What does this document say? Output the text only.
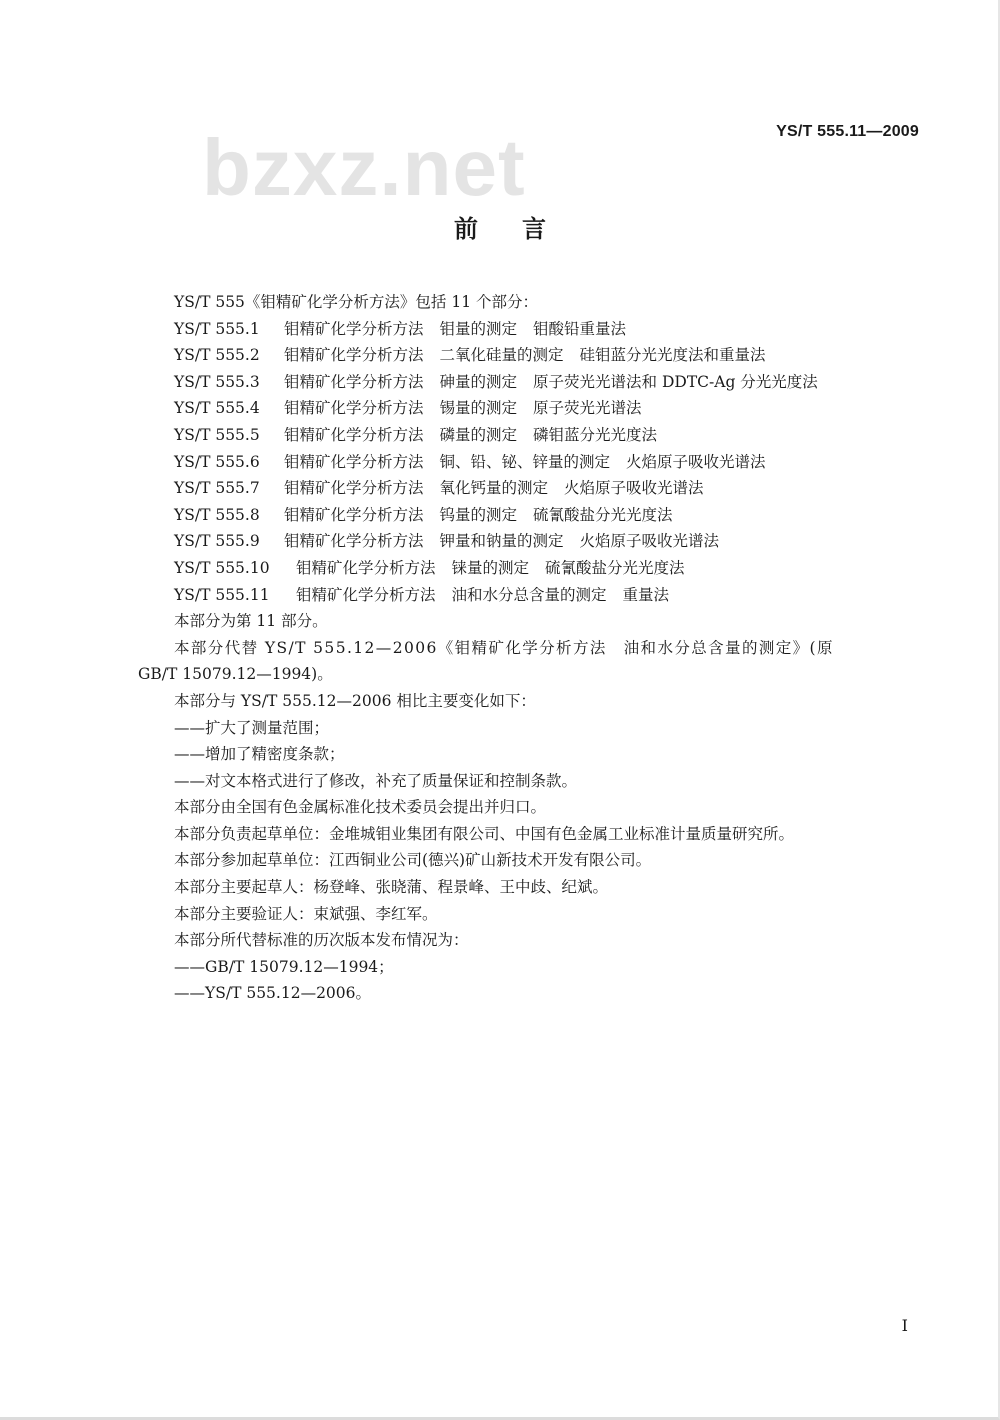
bzxz.net	YS/T 555.11—2009
前言
YS/T 555《钼精矿化学分析方法》包括 11 个部分：
YS/T 555.1 钼精矿化学分析方法 钼量的测定 钼酸铅重量法
YS/T 555.2 钼精矿化学分析方法 二氧化硅量的测定 硅钼蓝分光光度法和重量法
YS/T 555.3 钼精矿化学分析方法 砷量的测定 原子荧光光谱法和 DDTC-Ag 分光光度法
YS/T 555.4 钼精矿化学分析方法 锡量的测定 原子荧光光谱法
YS/T 555.5 钼精矿化学分析方法 磷量的测定 磷钼蓝分光光度法
YS/T 555.6 钼精矿化学分析方法 铜、铅、铋、锌量的测定 火焰原子吸收光谱法
YS/T 555.7 钼精矿化学分析方法 氧化钙量的测定 火焰原子吸收光谱法
YS/T 555.8 钼精矿化学分析方法 钨量的测定 硫氰酸盐分光光度法
YS/T 555.9 钼精矿化学分析方法 钾量和钠量的测定 火焰原子吸收光谱法
YS/T 555.10 钼精矿化学分析方法 铼量的测定 硫氰酸盐分光光度法
YS/T 555.11 钼精矿化学分析方法 油和水分总含量的测定 重量法
本部分为第 11 部分。
本部分代替 YS/T 555.12—2006《钼精矿化学分析方法　油和水分总含量的测定》(原
GB/T 15079.12—1994)。
本部分与 YS/T 555.12—2006 相比主要变化如下：
——扩大了测量范围；
——增加了精密度条款；
——对文本格式进行了修改，补充了质量保证和控制条款。
本部分由全国有色金属标准化技术委员会提出并归口。
本部分负责起草单位：金堆城钼业集团有限公司、中国有色金属工业标准计量质量研究所。
本部分参加起草单位：江西铜业公司(德兴)矿山新技术开发有限公司。
本部分主要起草人：杨登峰、张晓蒲、程景峰、王中歧、纪斌。
本部分主要验证人：束斌强、李红军。
本部分所代替标准的历次版本发布情况为：
——GB/T 15079.12—1994；
——YS/T 555.12—2006。
I
